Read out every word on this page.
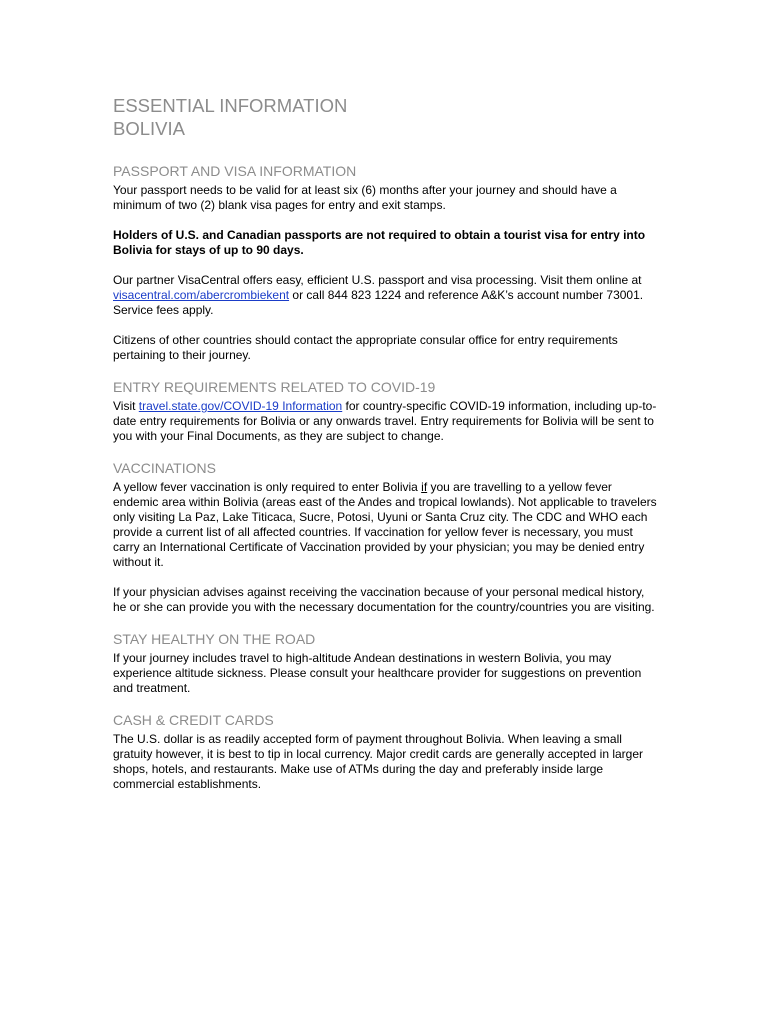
ESSENTIAL INFORMATION
BOLIVIA
PASSPORT AND VISA INFORMATION

Your passport needs to be valid for at least six (6) months after your journey and should have a minimum of two (2) blank visa pages for entry and exit stamps.

Holders of U.S. and Canadian passports are not required to obtain a tourist visa for entry into Bolivia for stays of up to 90 days.

Our partner VisaCentral offers easy, efficient U.S. passport and visa processing. Visit them online at visacentral.com/abercrombiekent or call 844 823 1224 and reference A&K’s account number 73001. Service fees apply.

Citizens of other countries should contact the appropriate consular office for entry requirements pertaining to their journey.

ENTRY REQUIREMENTS RELATED TO COVID-19

Visit travel.state.gov/COVID-19 Information for country-specific COVID-19 information, including up-to-date entry requirements for Bolivia or any onwards travel. Entry requirements for Bolivia will be sent to you with your Final Documents, as they are subject to change.

VACCINATIONS

A yellow fever vaccination is only required to enter Bolivia if you are travelling to a yellow fever endemic area within Bolivia (areas east of the Andes and tropical lowlands). Not applicable to travelers only visiting La Paz, Lake Titicaca, Sucre, Potosi, Uyuni or Santa Cruz city. The CDC and WHO each provide a current list of all affected countries. If vaccination for yellow fever is necessary, you must carry an International Certificate of Vaccination provided by your physician; you may be denied entry without it.

If your physician advises against receiving the vaccination because of your personal medical history, he or she can provide you with the necessary documentation for the country/countries you are visiting.

STAY HEALTHY ON THE ROAD

If your journey includes travel to high-altitude Andean destinations in western Bolivia, you may experience altitude sickness. Please consult your healthcare provider for suggestions on prevention and treatment.

CASH & CREDIT CARDS

The U.S. dollar is as readily accepted form of payment throughout Bolivia. When leaving a small gratuity however, it is best to tip in local currency. Major credit cards are generally accepted in larger shops, hotels, and restaurants. Make use of ATMs during the day and preferably inside large commercial establishments.
